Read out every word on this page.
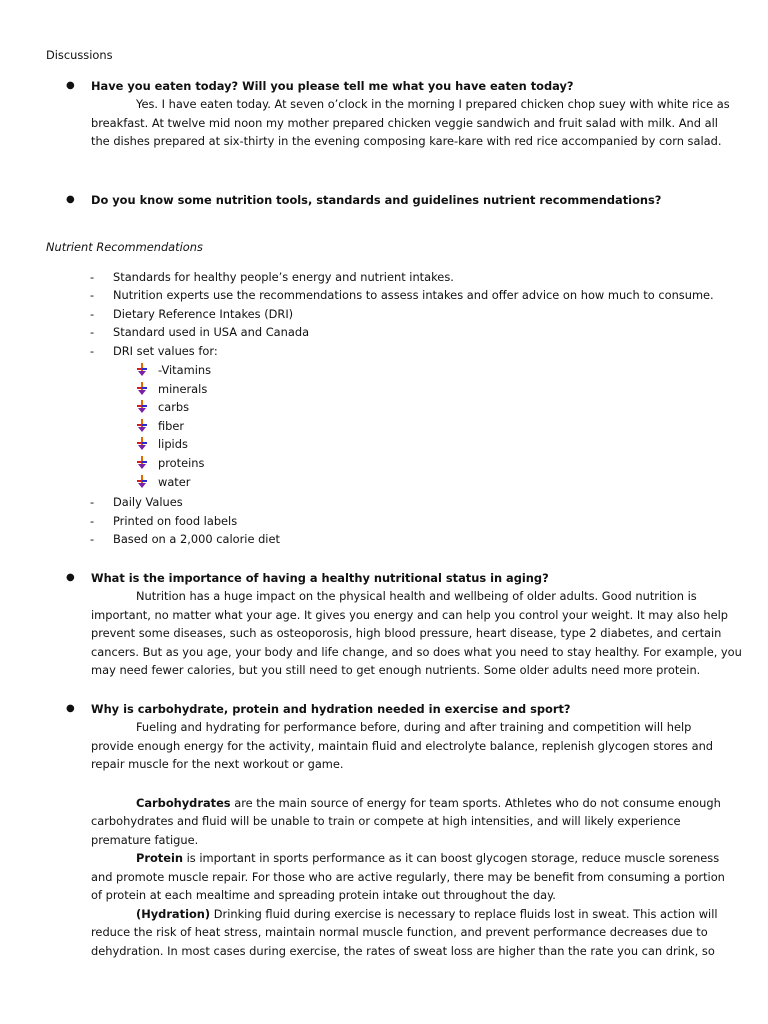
Discussions
● Have you eaten today? Will you please tell me what you have eaten today?
Yes. I have eaten today. At seven o’clock in the morning I prepared chicken chop suey with white rice as
breakfast. At twelve mid noon my mother prepared chicken veggie sandwich and fruit salad with milk. And all
the dishes prepared at six-thirty in the evening composing kare-kare with red rice accompanied by corn salad.
● Do you know some nutrition tools, standards and guidelines nutrient recommendations?
Nutrient Recommendations
- Standards for healthy people’s energy and nutrient intakes.
- Nutrition experts use the recommendations to assess intakes and offer advice on how much to consume.
- Dietary Reference Intakes (DRI)
- Standard used in USA and Canada
- DRI set values for:
-Vitamins
minerals
carbs
fiber
lipids
proteins
water
- Daily Values
- Printed on food labels
- Based on a 2,000 calorie diet
● What is the importance of having a healthy nutritional status in aging?
Nutrition has a huge impact on the physical health and wellbeing of older adults. Good nutrition is
important, no matter what your age. It gives you energy and can help you control your weight. It may also help
prevent some diseases, such as osteoporosis, high blood pressure, heart disease, type 2 diabetes, and certain
cancers. But as you age, your body and life change, and so does what you need to stay healthy. For example, you
may need fewer calories, but you still need to get enough nutrients. Some older adults need more protein.
● Why is carbohydrate, protein and hydration needed in exercise and sport?
Fueling and hydrating for performance before, during and after training and competition will help
provide enough energy for the activity, maintain fluid and electrolyte balance, replenish glycogen stores and
repair muscle for the next workout or game.
Carbohydrates are the main source of energy for team sports. Athletes who do not consume enough
carbohydrates and fluid will be unable to train or compete at high intensities, and will likely experience
premature fatigue.
Protein is important in sports performance as it can boost glycogen storage, reduce muscle soreness
and promote muscle repair. For those who are active regularly, there may be benefit from consuming a portion
of protein at each mealtime and spreading protein intake out throughout the day.
(Hydration) Drinking fluid during exercise is necessary to replace fluids lost in sweat. This action will
reduce the risk of heat stress, maintain normal muscle function, and prevent performance decreases due to
dehydration. In most cases during exercise, the rates of sweat loss are higher than the rate you can drink, so
